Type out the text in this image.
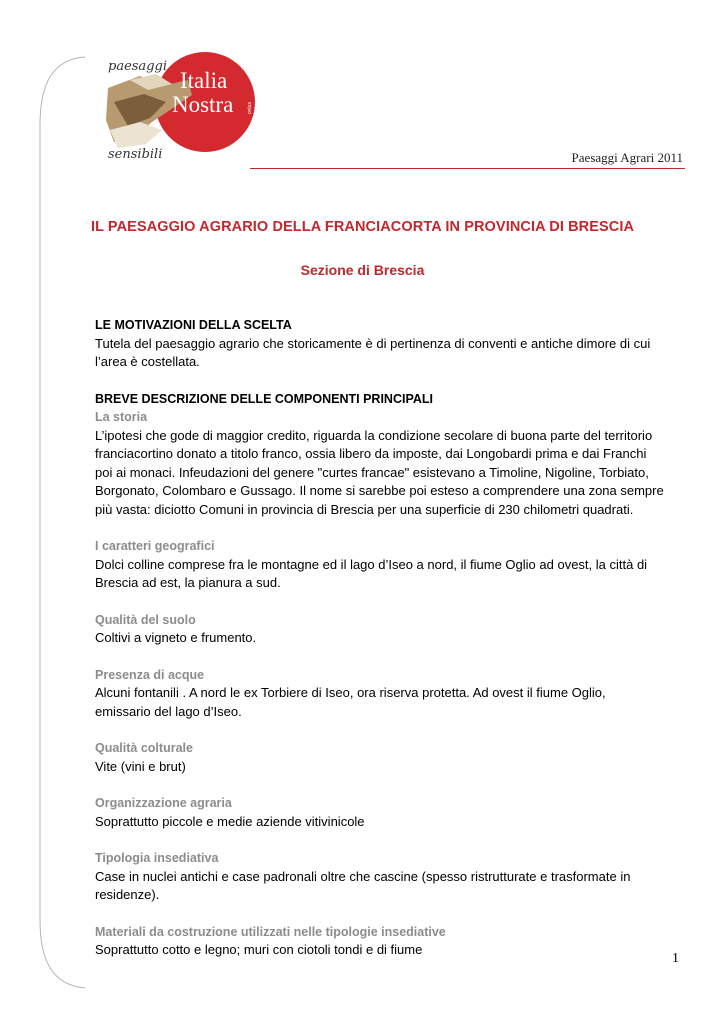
paesaggi
sensibili
Italia
Nostra	onlus
Paesaggi Agrari 2011
IL PAESAGGIO AGRARIO DELLA FRANCIACORTA IN PROVINCIA DI BRESCIA
Sezione di Brescia

LE MOTIVAZIONI DELLA SCELTA

Tutela del paesaggio agrario che storicamente è di pertinenza di conventi e antiche dimore di cui

l’area è costellata.

BREVE DESCRIZIONE DELLE COMPONENTI PRINCIPALI

La storia

L’ipotesi che gode di maggior credito, riguarda la condizione secolare di buona parte del territorio

franciacortino donato a titolo franco, ossia libero da imposte, dai Longobardi prima e dai Franchi

poi ai monaci. Infeudazioni del genere "curtes francae" esistevano a Timoline, Nigoline, Torbiato,

Borgonato, Colombaro e Gussago. Il nome si sarebbe poi esteso a comprendere una zona sempre

più vasta: diciotto Comuni in provincia di Brescia per una superficie di 230 chilometri quadrati.

I caratteri geografici

Dolci colline comprese fra le montagne ed il lago d’Iseo a nord, il fiume Oglio ad ovest, la città di

Brescia ad est, la pianura a sud.

Qualità del suolo

Coltivi a vigneto e frumento.

Presenza di acque

Alcuni fontanili . A nord le ex Torbiere di Iseo, ora riserva protetta. Ad ovest il fiume Oglio,

emissario del lago d’Iseo.

Qualità colturale

Vite (vini e brut)

Organizzazione agraria

Soprattutto piccole e medie aziende vitivinicole

Tipologia insediativa

Case in nuclei antichi e case padronali oltre che cascine (spesso ristrutturate e trasformate in

residenze).

Materiali da costruzione utilizzati nelle tipologie insediative

Soprattutto cotto e legno; muri con ciotoli tondi e di fiume

1
